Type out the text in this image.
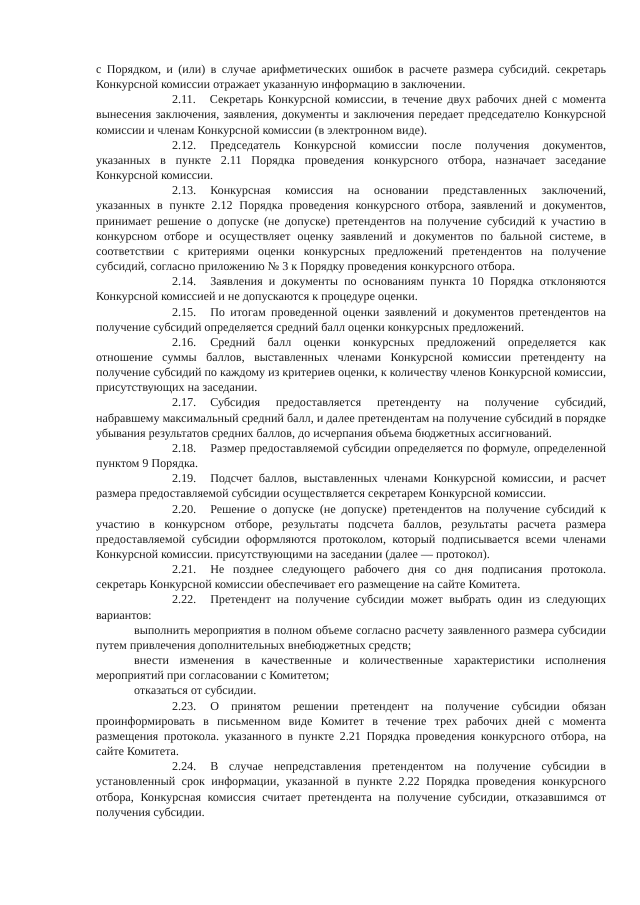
с Порядком, и (или) в случае арифметических ошибок в расчете размера субсидий. секретарь Конкурсной комиссии отражает указанную информацию в заключении.

2.11. Секретарь Конкурсной комиссии, в течение двух рабочих дней с момента вынесения заключения, заявления, документы и заключения передает председателю Конкурсной комиссии и членам Конкурсной комиссии (в электронном виде).

2.12. Председатель Конкурсной комиссии после получения документов, указанных в пункте 2.11 Порядка проведения конкурсного отбора, назначает заседание Конкурсной комиссии.

2.13. Конкурсная комиссия на основании представленных заключений, указанных в пункте 2.12 Порядка проведения конкурсного отбора, заявлений и документов, принимает решение о допуске (не допуске) претендентов на получение субсидий к участию в конкурсном отборе и осуществляет оценку заявлений и документов по бальной системе, в соответствии с критериями оценки конкурсных предложений претендентов на получение субсидий, согласно приложению № 3 к Порядку проведения конкурсного отбора.

2.14. Заявления и документы по основаниям пункта 10 Порядка отклоняются Конкурсной комиссией и не допускаются к процедуре оценки.

2.15. По итогам проведенной оценки заявлений и документов претендентов на получение субсидий определяется средний балл оценки конкурсных предложений.

2.16. Средний балл оценки конкурсных предложений определяется как отношение суммы баллов, выставленных членами Конкурсной комиссии претенденту на получение субсидий по каждому из критериев оценки, к количеству членов Конкурсной комиссии, присутствующих на заседании.

2.17. Субсидия предоставляется претенденту на получение субсидий, набравшему максимальный средний балл, и далее претендентам на получение субсидий в порядке убывания результатов средних баллов, до исчерпания объема бюджетных ассигнований.

2.18. Размер предоставляемой субсидии определяется по формуле, определенной пунктом 9 Порядка.

2.19. Подсчет баллов, выставленных членами Конкурсной комиссии, и расчет размера предоставляемой субсидии осуществляется секретарем Конкурсной комиссии.

2.20. Решение о допуске (не допуске) претендентов на получение субсидий к участию в конкурсном отборе, результаты подсчета баллов, результаты расчета размера предоставляемой субсидии оформляются протоколом, который подписывается всеми членами Конкурсной комиссии. присутствующими на заседании (далее — протокол).

2.21. Не позднее следующего рабочего дня со дня подписания протокола. секретарь Конкурсной комиссии обеспечивает его размещение на сайте Комитета.

2.22. Претендент на получение субсидии может выбрать один из следующих вариантов:

выполнить мероприятия в полном объеме согласно расчету заявленного размера субсидии путем привлечения дополнительных внебюджетных средств;

внести изменения в качественные и количественные характеристики исполнения мероприятий при согласовании с Комитетом;

отказаться от субсидии.

2.23. О принятом решении претендент на получение субсидии обязан проинформировать в письменном виде Комитет в течение трех рабочих дней с момента размещения протокола. указанного в пункте 2.21 Порядка проведения конкурсного отбора, на сайте Комитета.

2.24. В случае непредставления претендентом на получение субсидии в установленный срок информации, указанной в пункте 2.22 Порядка проведения конкурсного отбора, Конкурсная комиссия считает претендента на получение субсидии, отказавшимся от получения субсидии.
